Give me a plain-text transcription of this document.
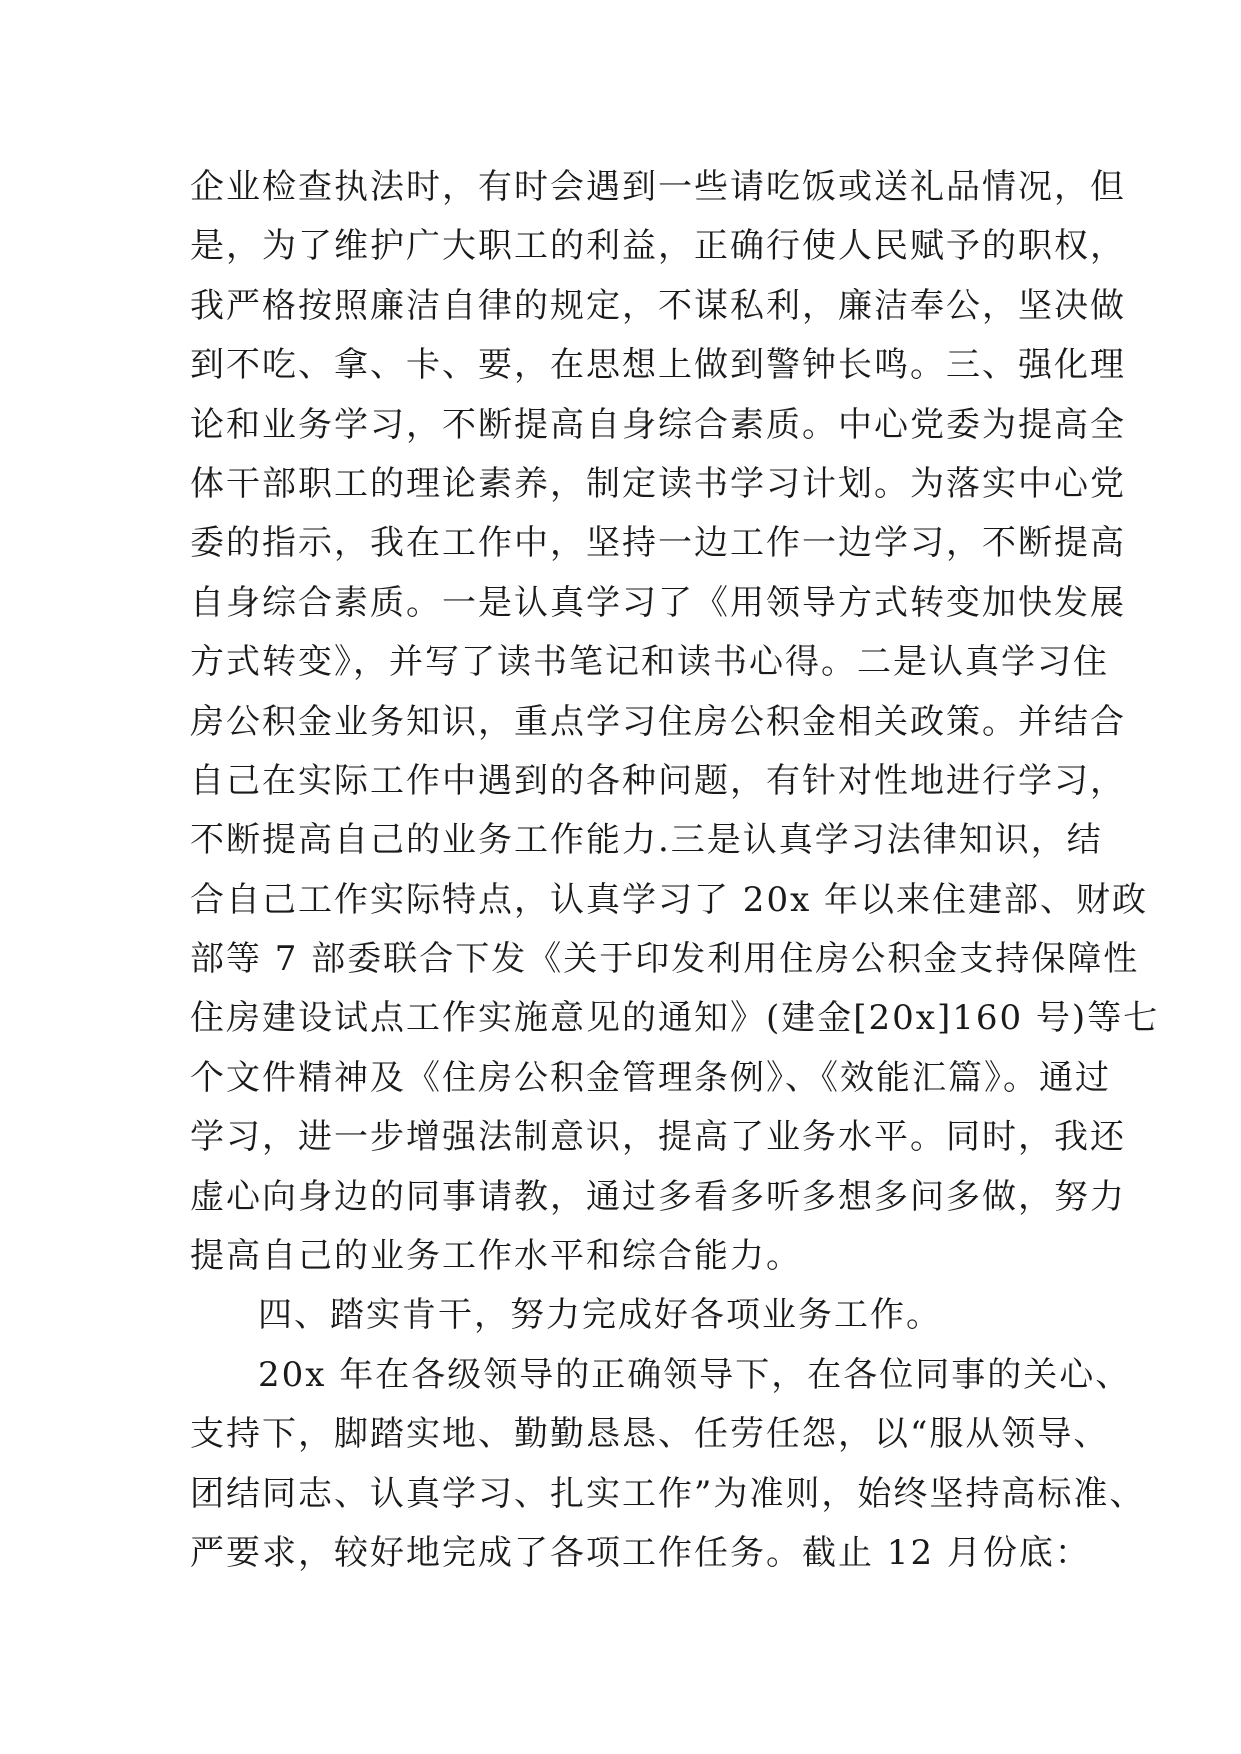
企业检查执法时，有时会遇到一些请吃饭或送礼品情况，但
是，为了维护广大职工的利益，正确行使人民赋予的职权，
我严格按照廉洁自律的规定，不谋私利，廉洁奉公，坚决做
到不吃、拿、卡、要，在思想上做到警钟长鸣。三、强化理
论和业务学习，不断提高自身综合素质。中心党委为提高全
体干部职工的理论素养，制定读书学习计划。为落实中心党
委的指示，我在工作中，坚持一边工作一边学习，不断提高
自身综合素质。一是认真学习了《用领导方式转变加快发展
方式转变》，并写了读书笔记和读书心得。二是认真学习住
房公积金业务知识，重点学习住房公积金相关政策。并结合
自己在实际工作中遇到的各种问题，有针对性地进行学习，
不断提高自己的业务工作能力.三是认真学习法律知识，结
合自己工作实际特点，认真学习了 20x 年以来住建部、财政
部等 7 部委联合下发《关于印发利用住房公积金支持保障性
住房建设试点工作实施意见的通知》(建金[20x]160 号)等七
个文件精神及《住房公积金管理条例》、《效能汇篇》。通过
学习，进一步增强法制意识，提高了业务水平。同时，我还
虚心向身边的同事请教，通过多看多听多想多问多做，努力
提高自己的业务工作水平和综合能力。
四、踏实肯干，努力完成好各项业务工作。
20x 年在各级领导的正确领导下，在各位同事的关心、
支持下，脚踏实地、勤勤恳恳、任劳任怨，以“服从领导、
团结同志、认真学习、扎实工作”为准则，始终坚持高标准、
严要求，较好地完成了各项工作任务。截止 12 月份底：
